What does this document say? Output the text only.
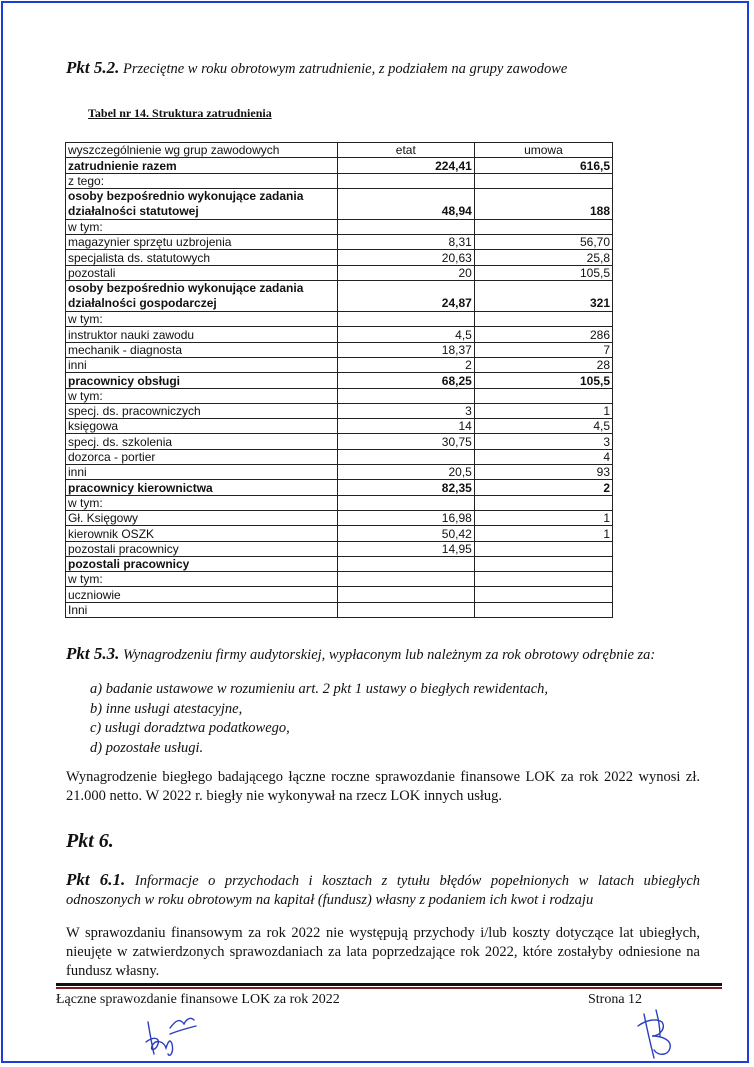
Pkt 5.2. Przeciętne w roku obrotowym zatrudnienie, z podziałem na grupy zawodowe
Tabel nr 14. Struktura zatrudnienia
wyszczególnienie wg grup zawodowych	etat	umowa
zatrudnienie razem	224,41	616,5
z tego:		
osoby bezpośrednio wykonujące zadania działalności statutowej	48,94	188
w tym:		
magazynier sprzętu uzbrojenia	8,31	56,70
specjalista ds. statutowych	20,63	25,8
pozostali	20	105,5
osoby bezpośrednio wykonujące zadania działalności gospodarczej	24,87	321
w tym:		
instruktor nauki zawodu	4,5	286
mechanik - diagnosta	18,37	7
inni	2	28
pracownicy obsługi	68,25	105,5
w tym:		
specj. ds. pracowniczych	3	1
księgowa	14	4,5
specj. ds. szkolenia	30,75	3
dozorca - portier		4
inni	20,5	93
pracownicy kierownictwa	82,35	2
w tym:		
Gł. Księgowy	16,98	1
kierownik OSZK	50,42	1
pozostali pracownicy	14,95	
pozostali pracownicy		
w tym:		
uczniowie		
Inni		
Pkt 5.3. Wynagrodzeniu firmy audytorskiej, wypłaconym lub należnym za rok obrotowy odrębnie za:
a) badanie ustawowe w rozumieniu art. 2 pkt 1 ustawy o biegłych rewidentach,
b) inne usługi atestacyjne,
c) usługi doradztwa podatkowego,
d) pozostałe usługi.
Wynagrodzenie biegłego badającego łączne roczne sprawozdanie finansowe LOK za rok 2022 wynosi zł. 21.000 netto. W 2022 r. biegły nie wykonywał na rzecz LOK innych usług.
Pkt 6.
Pkt 6.1. Informacje o przychodach i kosztach z tytułu błędów popełnionych w latach ubiegłych odnoszonych w roku obrotowym na kapitał (fundusz) własny z podaniem ich kwot i rodzaju
W sprawozdaniu finansowym za rok 2022 nie występują przychody i/lub koszty dotyczące lat ubiegłych, nieujęte w zatwierdzonych sprawozdaniach za lata poprzedzające rok 2022, które zostałyby odniesione na fundusz własny.
Łączne sprawozdanie finansowe LOK za rok 2022	Strona 12
